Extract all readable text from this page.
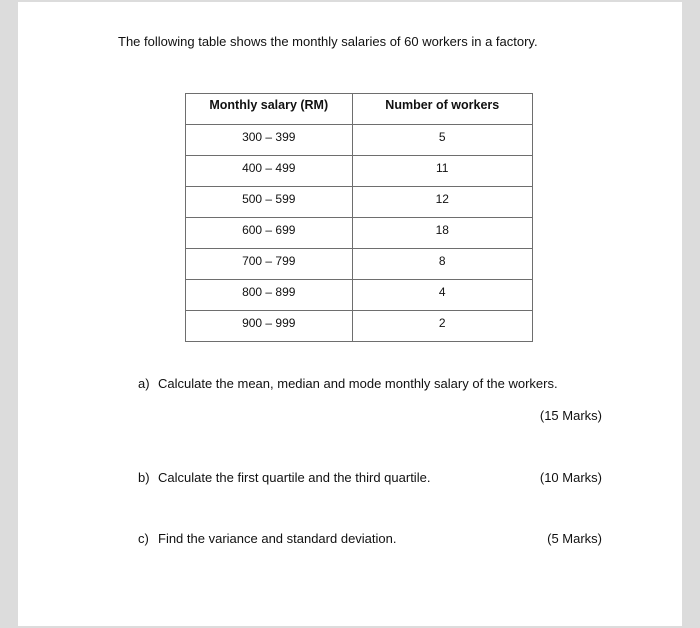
The following table shows the monthly salaries of 60 workers in a factory.
Monthly salary (RM)	Number of workers
300 – 399	5
400 – 499	11
500 – 599	12
600 – 699	18
700 – 799	8
800 – 899	4
900 – 999	2
a) Calculate the mean, median and mode monthly salary of the workers.
(15 Marks)
b) Calculate the first quartile and the third quartile.	(10 Marks)
c) Find the variance and standard deviation.	(5 Marks)
